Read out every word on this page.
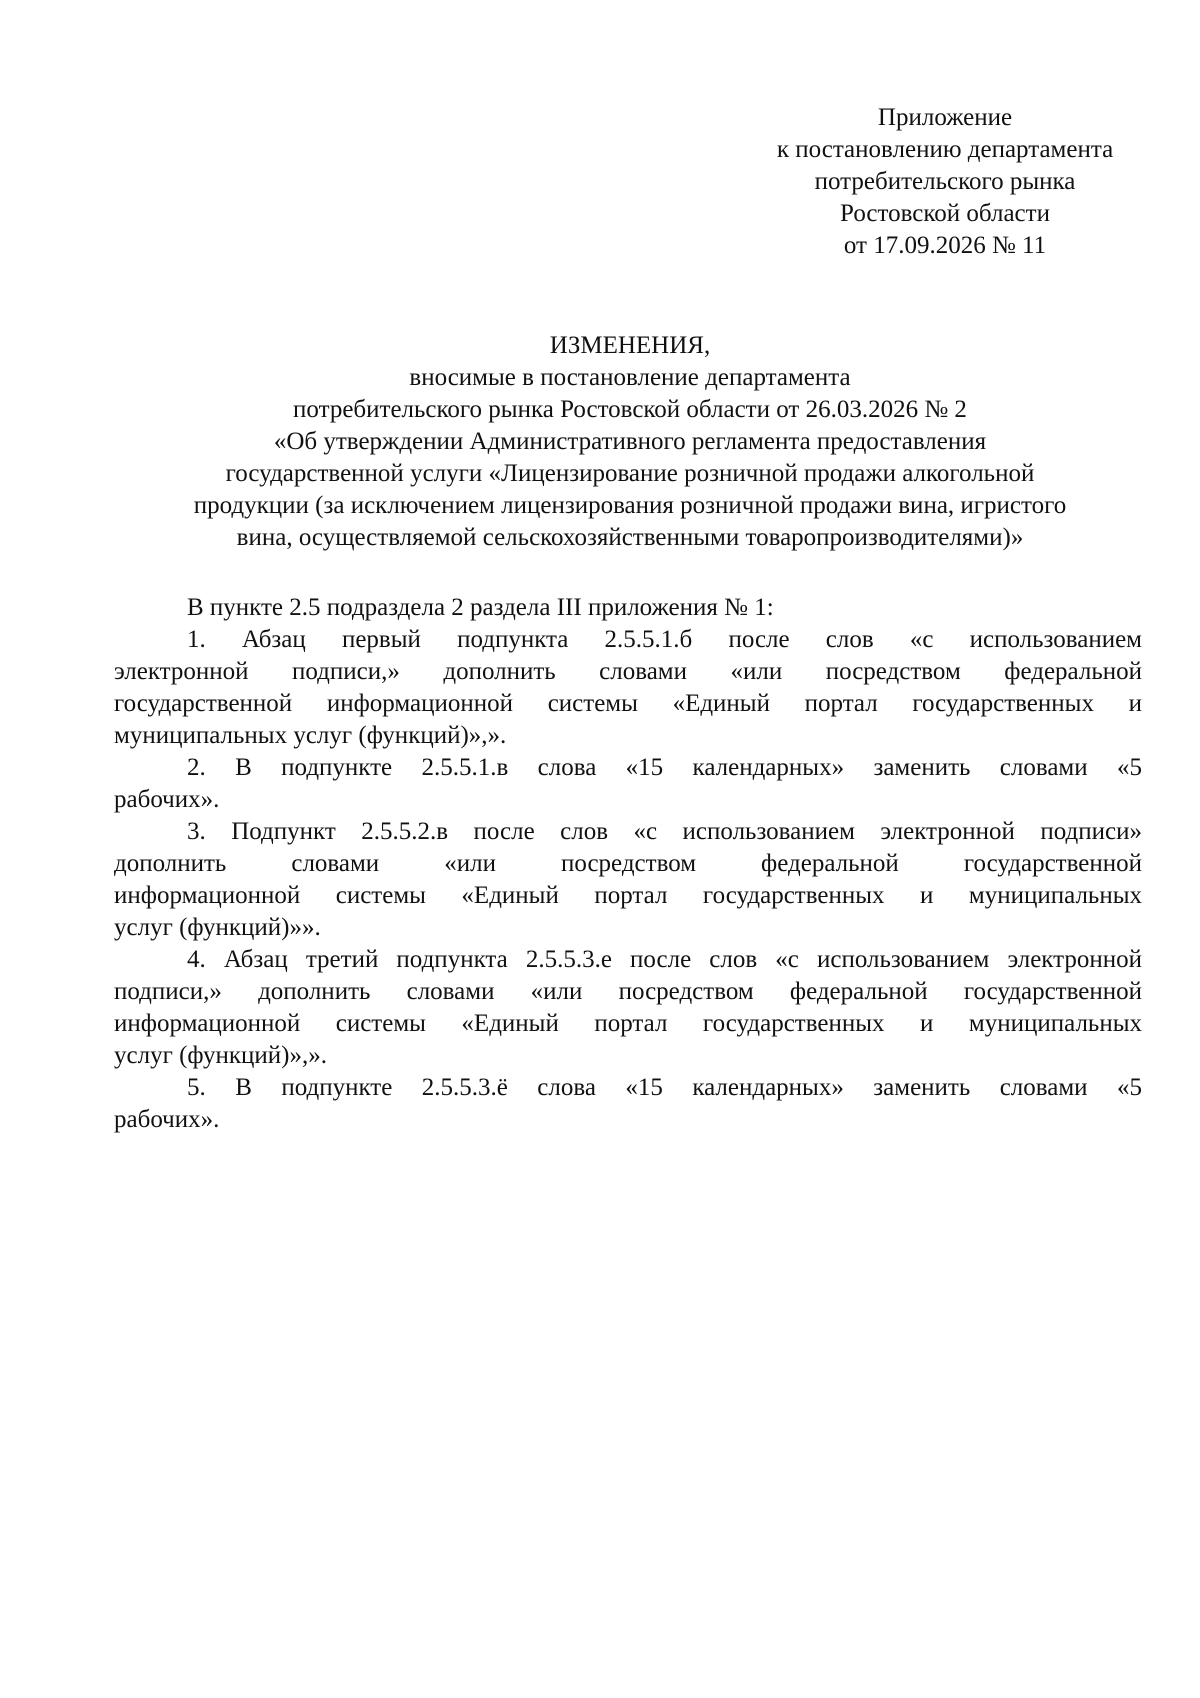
Приложение
к постановлению департамента
потребительского рынка
Ростовской области
от 17.09.2026 № 11
ИЗМЕНЕНИЯ,
вносимые в постановление департамента
потребительского рынка Ростовской области от 26.03.2026 № 2
«Об утверждении Административного регламента предоставления
государственной услуги «Лицензирование розничной продажи алкогольной
продукции (за исключением лицензирования розничной продажи вина, игристого
вина, осуществляемой сельскохозяйственными товаропроизводителями)»

В пункте 2.5 подраздела 2 раздела III приложения № 1:

1. Абзац первый подпункта 2.5.5.1.б после слов «с использованием
электронной подписи,» дополнить словами «или посредством федеральной
государственной информационной системы «Единый портал государственных и
муниципальных услуг (функций)»,».
2. В подпункте 2.5.5.1.в слова «15 календарных» заменить словами «5
рабочих».
3. Подпункт 2.5.5.2.в после слов «с использованием электронной подписи»
дополнить словами «или посредством федеральной государственной
информационной системы «Единый портал государственных и муниципальных
услуг (функций)»».
4. Абзац третий подпункта 2.5.5.3.е после слов «с использованием электронной
подписи,» дополнить словами «или посредством федеральной государственной
информационной системы «Единый портал государственных и муниципальных
услуг (функций)»,».
5. В подпункте 2.5.5.3.ё слова «15 календарных» заменить словами «5
рабочих».
